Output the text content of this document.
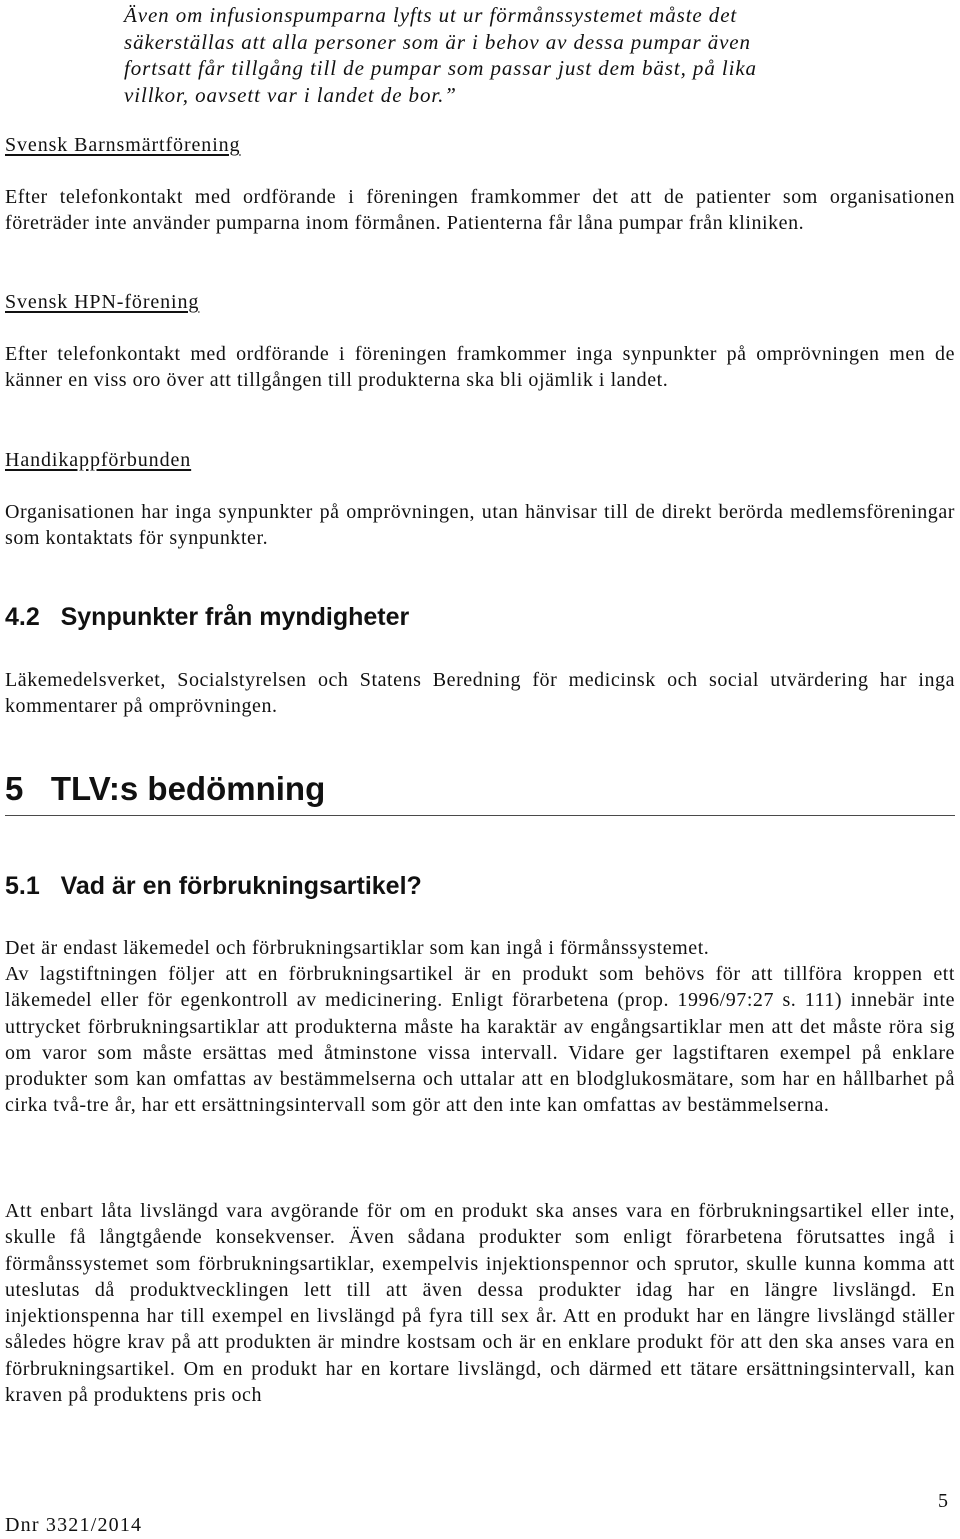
Även om infusionspumparna lyfts ut ur förmånssystemet måste det säkerställas att alla personer som är i behov av dessa pumpar även fortsatt får tillgång till de pumpar som passar just dem bäst, på lika villkor, oavsett var i landet de bor.”
Svensk Barnsmärtförening
Efter telefonkontakt med ordförande i föreningen framkommer det att de patienter som organisationen företräder inte använder pumparna inom förmånen. Patienterna får låna pumpar från kliniken.
Svensk HPN-förening
Efter telefonkontakt med ordförande i föreningen framkommer inga synpunkter på omprövningen men de känner en viss oro över att tillgången till produkterna ska bli ojämlik i landet.
Handikappförbunden
Organisationen har inga synpunkter på omprövningen, utan hänvisar till de direkt berörda medlemsföreningar som kontaktats för synpunkter.
4.2   Synpunkter från myndigheter
Läkemedelsverket, Socialstyrelsen och Statens Beredning för medicinsk och social utvärdering har inga kommentarer på omprövningen.
5   TLV:s bedömning
5.1   Vad är en förbrukningsartikel?
Det är endast läkemedel och förbrukningsartiklar som kan ingå i förmånssystemet.
Av lagstiftningen följer att en förbrukningsartikel är en produkt som behövs för att tillföra kroppen ett läkemedel eller för egenkontroll av medicinering. Enligt förarbetena (prop. 1996/97:27 s. 111) innebär inte uttrycket förbrukningsartiklar att produkterna måste ha karaktär av engångsartiklar men att det måste röra sig om varor som måste ersättas med åtminstone vissa intervall. Vidare ger lagstiftaren exempel på enklare produkter som kan omfattas av bestämmelserna och uttalar att en blodglukosmätare, som har en hållbarhet på cirka två-tre år, har ett ersättningsintervall som gör att den inte kan omfattas av bestämmelserna.
Att enbart låta livslängd vara avgörande för om en produkt ska anses vara en förbrukningsartikel eller inte, skulle få långtgående konsekvenser. Även sådana produkter som enligt förarbetena förutsattes ingå i förmånssystemet som förbrukningsartiklar, exempelvis injektionspennor och sprutor, skulle kunna komma att uteslutas då produktvecklingen lett till att även dessa produkter idag har en längre livslängd. En injektionspenna har till exempel en livslängd på fyra till sex år. Att en produkt har en längre livslängd ställer således högre krav på att produkten är mindre kostsam och är en enklare produkt för att den ska anses vara en förbrukningsartikel. Om en produkt har en kortare livslängd, och därmed ett tätare ersättningsintervall, kan kraven på produktens pris och
Dnr 3321/2014
5
